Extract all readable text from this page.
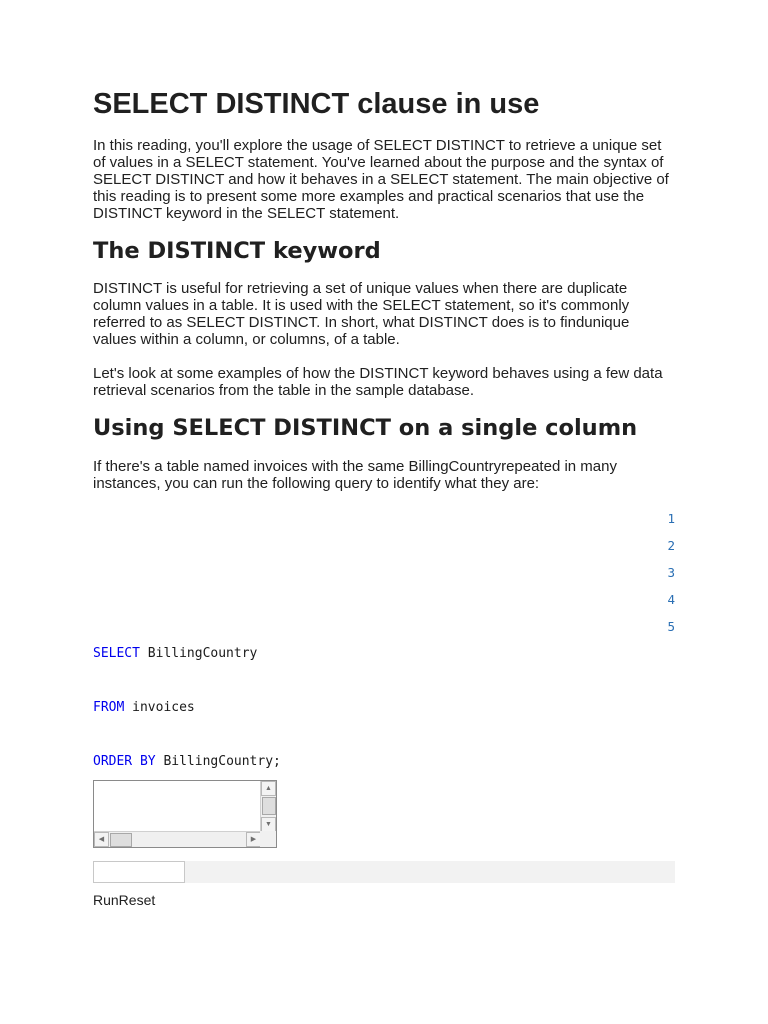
SELECT DISTINCT clause in use

In this reading, you'll explore the usage of SELECT DISTINCT to retrieve a unique set of values in a SELECT statement. You've learned about the purpose and the syntax of SELECT DISTINCT and how it behaves in a SELECT statement. The main objective of this reading is to present some more examples and practical scenarios that use the DISTINCT keyword in the SELECT statement.

The DISTINCT keyword

DISTINCT is useful for retrieving a set of unique values when there are duplicate column values in a table. It is used with the SELECT statement, so it's commonly referred to as SELECT DISTINCT. In short, what DISTINCT does is to findunique values within a column, or columns, of a table.

Let's look at some examples of how the DISTINCT keyword behaves using a few data retrieval scenarios from the table in the sample database.

Using SELECT DISTINCT on a single column

If there's a table named invoices with the same BillingCountryrepeated in many instances, you can run the following query to identify what they are:

1
2
3
4
5
SELECT BillingCountry
FROM invoices
ORDER BY BillingCountry;
▲
▼
◀	▶
RunReset
